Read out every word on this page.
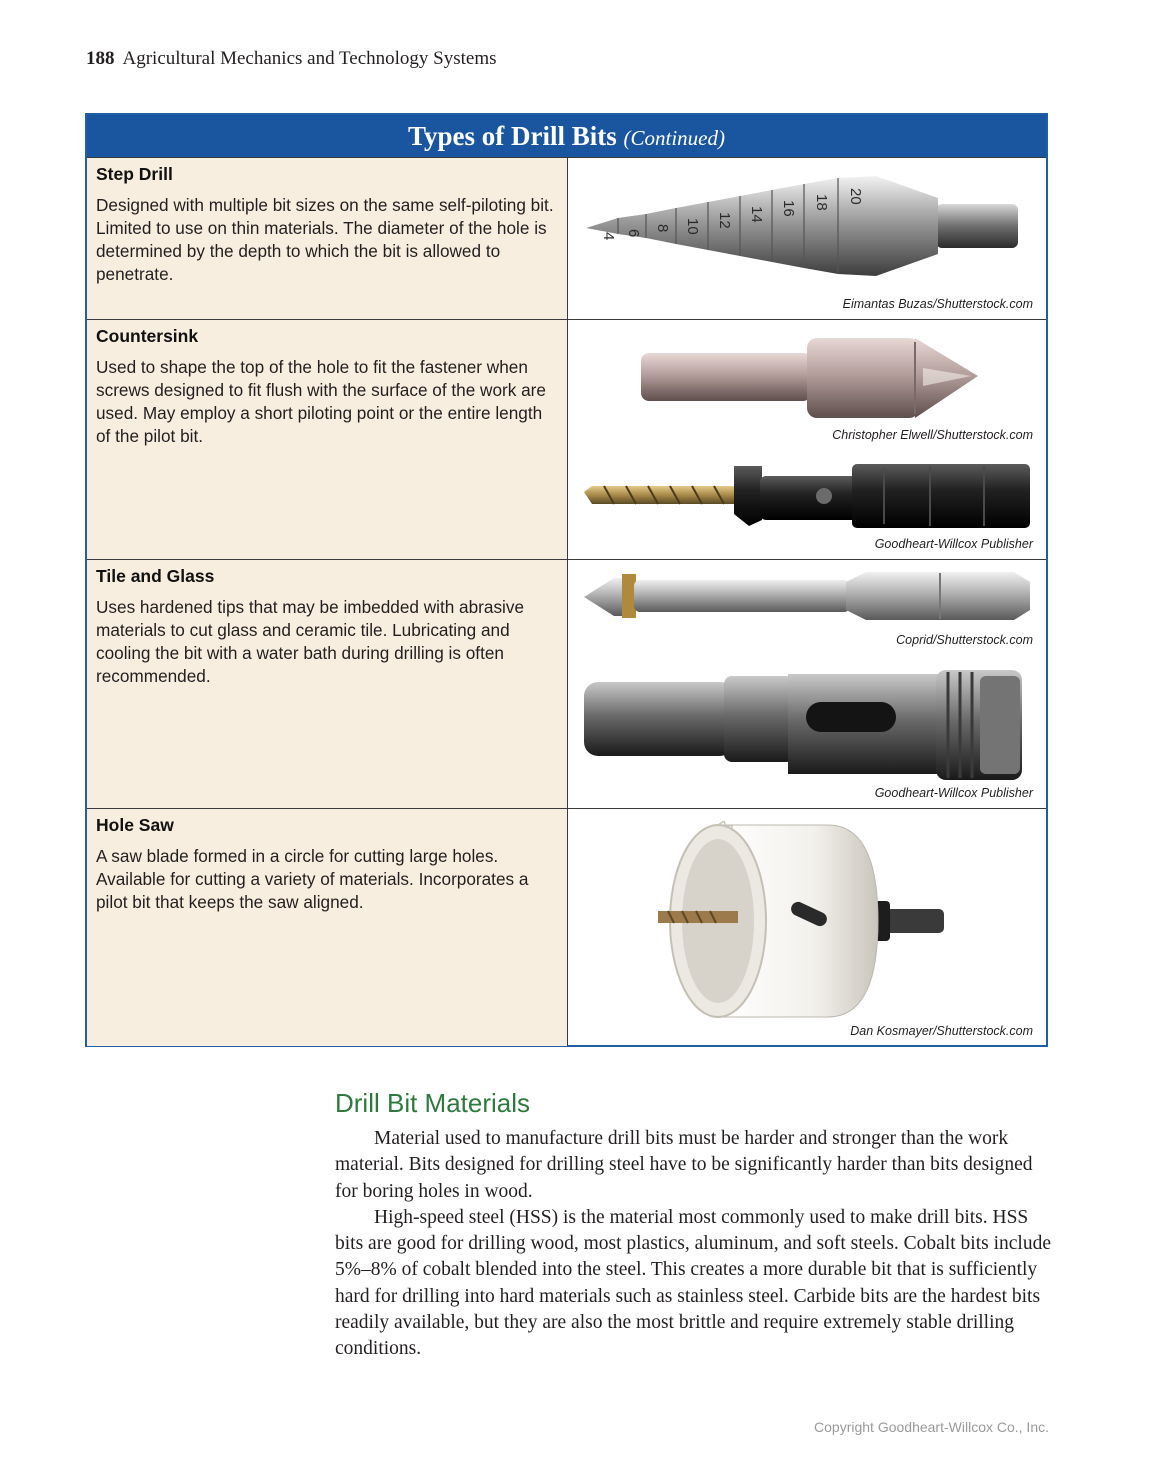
188 Agricultural Mechanics and Technology Systems
Types of Drill Bits (Continued)
Step Drill

Designed with multiple bit sizes on the same self-piloting bit. Limited to use on thin materials. The diameter of the hole is determined by the depth to which the bit is allowed to penetrate.

4 6
8 10 12 14 16 18 20
Eimantas Buzas/Shutterstock.com
Countersink

Used to shape the top of the hole to fit the fastener when screws designed to fit flush with the surface of the work are used. May employ a short piloting point or the entire length of the pilot bit.	Christopher Elwell/Shutterstock.com
Goodheart-Willcox Publisher
Tile and Glass

Uses hardened tips that may be imbedded with abrasive materials to cut glass and ceramic tile. Lubricating and cooling the bit with a water bath during drilling is often recommended.

Coprid/Shutterstock.com
Goodheart-Willcox Publisher
Hole Saw

A saw blade formed in a circle for cutting large holes. Available for cutting a variety of materials. Incorporates a pilot bit that keeps the saw aligned.

Dan Kosmayer/Shutterstock.com
Drill Bit Materials

Material used to manufacture drill bits must be harder and stronger than the work material. Bits designed for drilling steel have to be significantly harder than bits designed for boring holes in wood.

High-speed steel (HSS) is the material most commonly used to make drill bits. HSS bits are good for drilling wood, most plastics, aluminum, and soft steels. Cobalt bits include 5%–8% of cobalt blended into the steel. This creates a more durable bit that is sufficiently hard for drilling into hard materials such as stainless steel. Carbide bits are the hardest bits readily available, but they are also the most brittle and require extremely stable drilling conditions.

Copyright Goodheart-Willcox Co., Inc.
